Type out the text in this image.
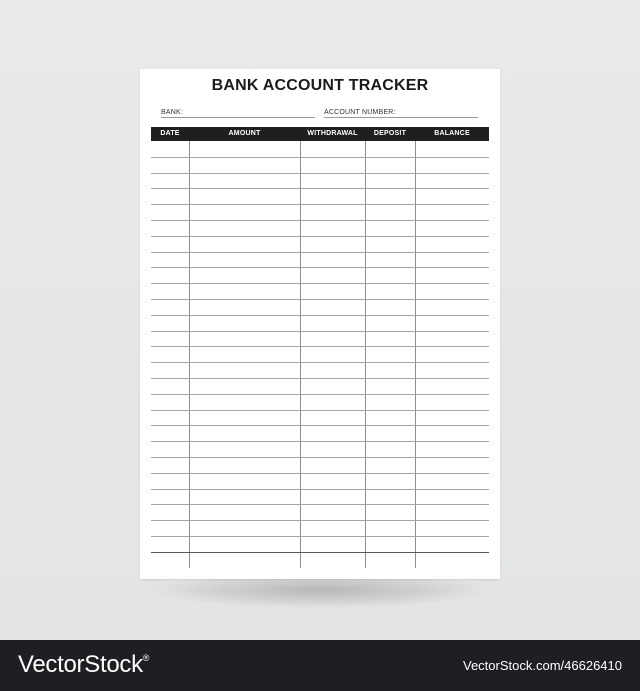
BANK ACCOUNT TRACKER
BANK:	ACCOUNT NUMBER:
DATE	AMOUNT	WITHDRAWAL	DEPOSIT	BALANCE
VectorStock®	VectorStock.com/46626410
